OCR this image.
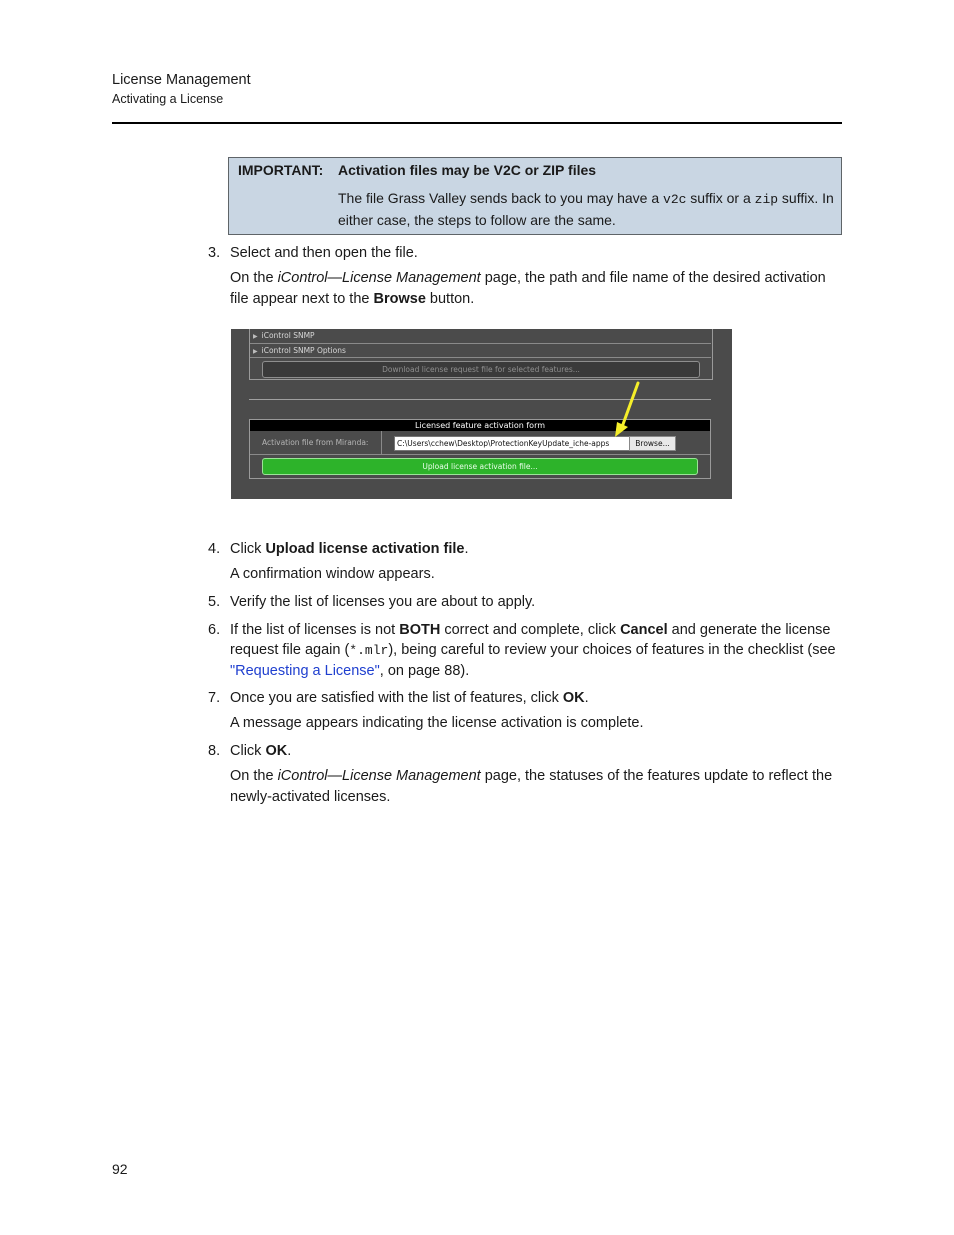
License Management
Activating a License
IMPORTANT: Activation files may be V2C or ZIP files
The file Grass Valley sends back to you may have a v2c suffix or a zip suffix. In either case, the steps to follow are the same.
3. Select and then open the file.
On the iControl—License Management page, the path and file name of the desired activation file appear next to the Browse button.
▶ iControl SNMP
▶ iControl SNMP Options
Download license request file for selected features...
Licensed feature activation form
Activation file from Miranda:	C:\Users\cchew\Desktop\ProtectionKeyUpdate_iche-apps	Browse...
Upload license activation file...
4. Click Upload license activation file.
A confirmation window appears.
5. Verify the list of licenses you are about to apply.
6. If the list of licenses is not BOTH correct and complete, click Cancel and generate the license request file again (*.mlr), being careful to review your choices of features in the checklist (see "Requesting a License", on page 88).
7. Once you are satisfied with the list of features, click OK.
A message appears indicating the license activation is complete.
8. Click OK.
On the iControl—License Management page, the statuses of the features update to reflect the newly-activated licenses.
92
